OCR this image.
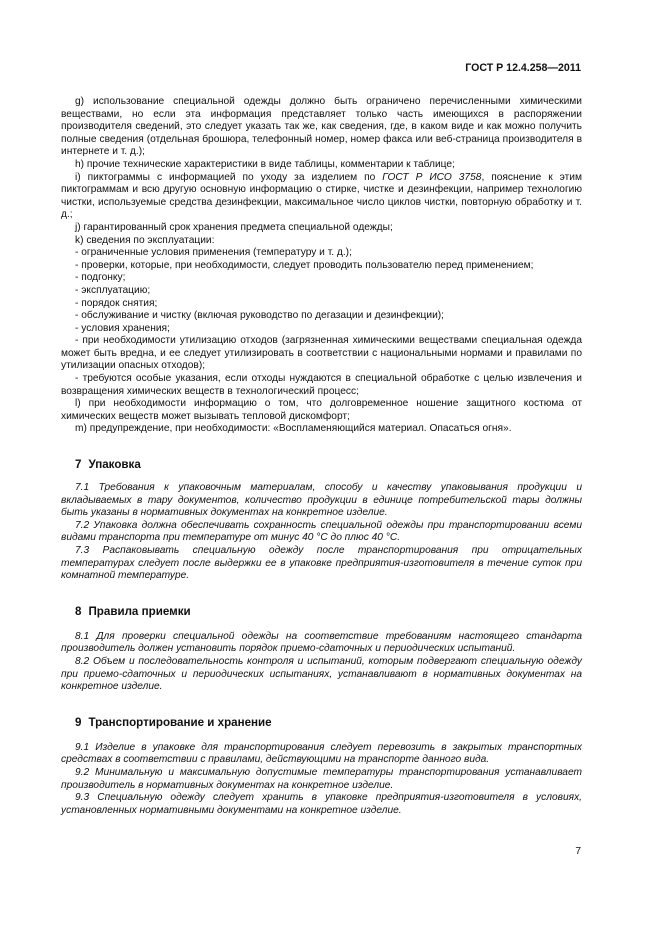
ГОСТ Р 12.4.258—2011

g) использование специальной одежды должно быть ограничено перечисленными химическими веществами, но если эта информация представляет только часть имеющихся в распоряжении производителя сведений, это следует указать так же, как сведения, где, в каком виде и как можно получить полные сведения (отдельная брошюра, телефонный номер, номер факса или веб-страница производителя в интернете и т. д.);

h) прочие технические характеристики в виде таблицы, комментарии к таблице;

i) пиктограммы с информацией по уходу за изделием по ГОСТ Р ИСО 3758, пояснение к этим пиктограммам и всю другую основную информацию о стирке, чистке и дезинфекции, например технологию чистки, используемые средства дезинфекции, максимальное число циклов чистки, повторную обработку и т. д.;

j) гарантированный срок хранения предмета специальной одежды;

k) сведения по эксплуатации:

- ограниченные условия применения (температуру и т. д.);

- проверки, которые, при необходимости, следует проводить пользователю перед применением;

- подгонку;

- эксплуатацию;

- порядок снятия;

- обслуживание и чистку (включая руководство по дегазации и дезинфекции);

- условия хранения;

- при необходимости утилизацию отходов (загрязненная химическими веществами специальная одежда может быть вредна, и ее следует утилизировать в соответствии с национальными нормами и правилами по утилизации опасных отходов);

- требуются особые указания, если отходы нуждаются в специальной обработке с целью извлечения и возвращения химических веществ в технологический процесс;

l) при необходимости информацию о том, что долговременное ношение защитного костюма от химических веществ может вызывать тепловой дискомфорт;

m) предупреждение, при необходимости: «Воспламеняющийся материал. Опасаться огня».

7 Упаковка

7.1 Требования к упаковочным материалам, способу и качеству упаковывания продукции и вкладываемых в тару документов, количество продукции в единице потребительской тары должны быть указаны в нормативных документах на конкретное изделие.

7.2 Упаковка должна обеспечивать сохранность специальной одежды при транспортировании всеми видами транспорта при температуре от минус 40 °С до плюс 40 °С.

7.3 Распаковывать специальную одежду после транспортирования при отрицательных температурах следует после выдержки ее в упаковке предприятия-изготовителя в течение суток при комнатной температуре.

8 Правила приемки

8.1 Для проверки специальной одежды на соответствие требованиям настоящего стандарта производитель должен установить порядок приемо-сдаточных и периодических испытаний.

8.2 Объем и последовательность контроля и испытаний, которым подвергают специальную одежду при приемо-сдаточных и периодических испытаниях, устанавливают в нормативных документах на конкретное изделие.

9 Транспортирование и хранение

9.1 Изделие в упаковке для транспортирования следует перевозить в закрытых транспортных средствах в соответствии с правилами, действующими на транспорте данного вида.

9.2 Минимальную и максимальную допустимые температуры транспортирования устанавливает производитель в нормативных документах на конкретное изделие.

9.3 Специальную одежду следует хранить в упаковке предприятия-изготовителя в условиях, установленных нормативными документами на конкретное изделие.

7
